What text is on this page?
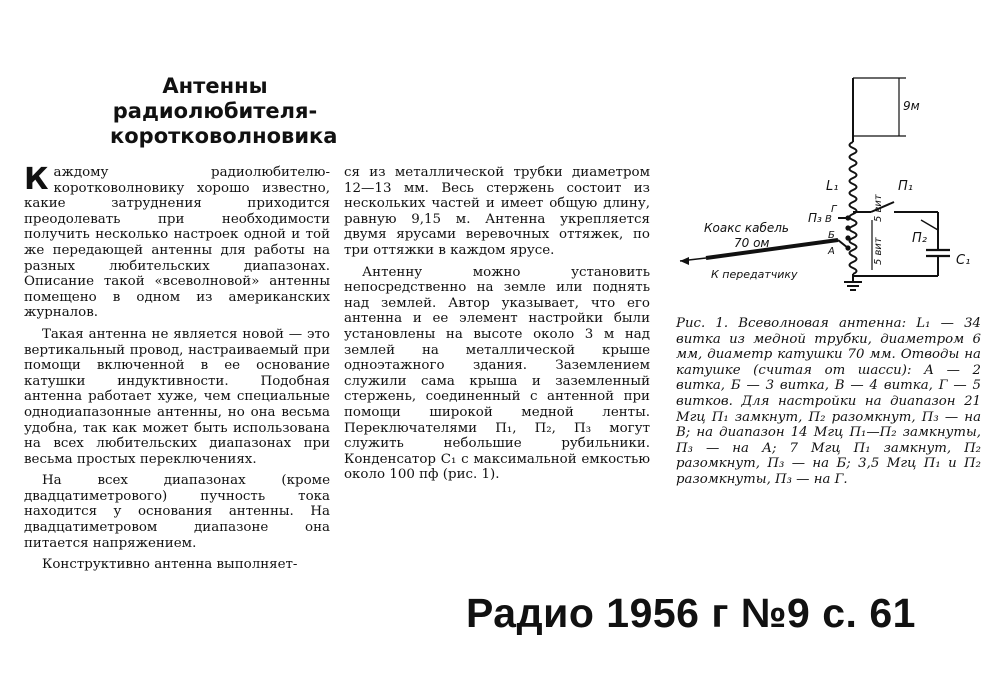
Антенны
радиолюбителя-
коротковолновика

Каждому радиолюбителю-коротковолновику хорошо известно, какие затруднения приходится преодолевать при необходимости получить несколько настроек одной и той же передающей антенны для работы на разных любительских диапазонах. Описание такой «всеволновой» антенны помещено в одном из американских журналов.

Такая антенна не является новой — это вертикальный провод, настраиваемый при помощи включенной в ее основание катушки индуктивности. Подобная антенна работает хуже, чем специальные однодиапазонные антенны, но она весьма удобна, так как может быть использована на всех любительских диапазонах при весьма простых переключениях.

На всех диапазонах (кроме двадцатиметрового) пучность тока находится у основания антенны. На двадцатиметровом диапазоне она питается напряжением.

Конструктивно антенна выполняет-

ся из металлической трубки диаметром 12—13 мм. Весь стержень состоит из нескольких частей и имеет общую длину, равную 9,15 м. Антенна укрепляется двумя ярусами веревочных оттяжек, по три оттяжки в каждом ярусе.

Антенну можно установить непосредственно на земле или поднять над землей. Автор указывает, что его антенна и ее элемент настройки были установлены на высоте около 3 м над землей на металлической крыше одноэтажного здания. Заземлением служили сама крыша и заземленный стержень, соединенный с антенной при помощи широкой медной ленты. Переключателями П₁, П₂, П₃ могут служить небольшие рубильники. Конденсатор C₁ с максимальной емкостью около 100 пф (рис. 1).

9м
L₁	П₁
П₂
П₃
Г
В
Б
А
5 вит
5 вит
Коакс кабель
70 ом
К передатчику
C₁
Рис. 1. Всеволновая антенна: L₁ — 34 витка из медной трубки, диаметром 6 мм, диаметр катушки 70 мм. Отводы на катушке (считая от шасси): А — 2 витка, Б — 3 витка, В — 4 витка, Г — 5 витков. Для настройки на диапазон 21 Мгц П₁ замкнут, П₂ разомкнут, П₃ — на В; на диапазон 14 Мгц П₁—П₂ замкнуты, П₃ — на А; 7 Мгц П₁ замкнут, П₂ разомкнут, П₃ — на Б; 3,5 Мгц П₁ и П₂ разомкнуты, П₃ — на Г.
Радио 1956 г №9 с. 61
